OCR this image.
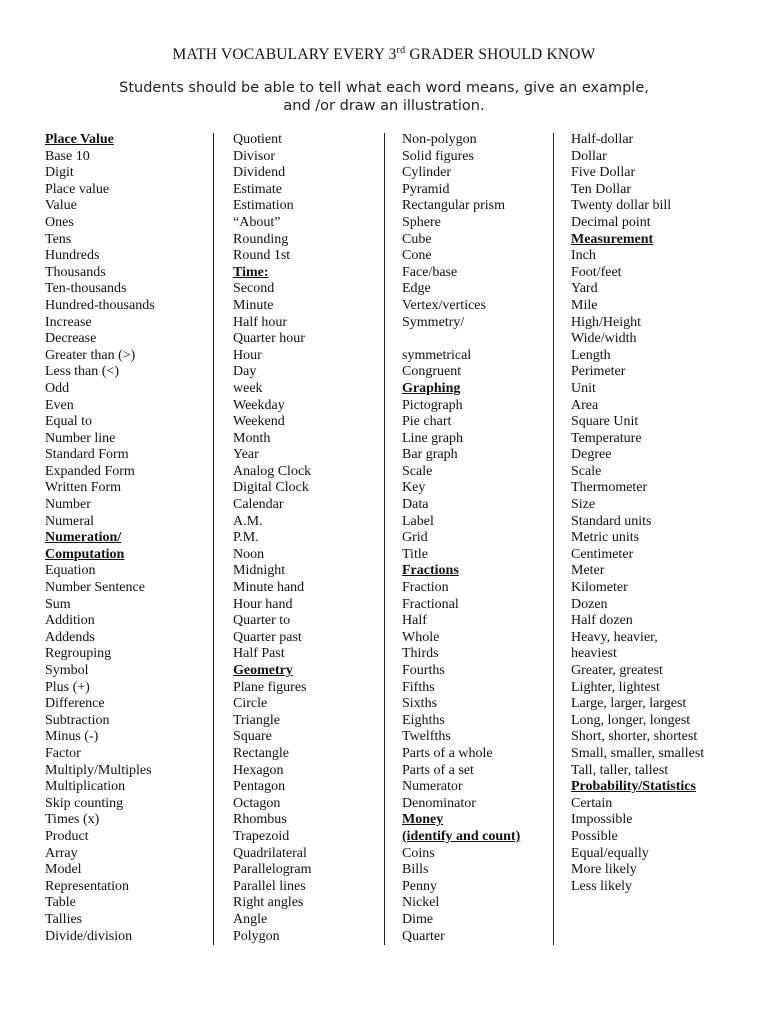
MATH VOCABULARY EVERY 3rd GRADER SHOULD KNOW
Students should be able to tell what each word means, give an example,
and /or draw an illustration.
Place Value
Base 10
Digit
Place value
Value
Ones
Tens
Hundreds
Thousands
Ten-thousands
Hundred-thousands
Increase
Decrease
Greater than (>)
Less than (<)
Odd
Even
Equal to
Number line
Standard Form
Expanded Form
Written Form
Number
Numeral
Numeration/
Computation
Equation
Number Sentence
Sum
Addition
Addends
Regrouping
Symbol
Plus (+)
Difference
Subtraction
Minus (-)
Factor
Multiply/Multiples
Multiplication
Skip counting
Times (x)
Product
Array
Model
Representation
Table
Tallies
Divide/division
Quotient
Divisor
Dividend
Estimate
Estimation
“About”
Rounding
Round 1st
Time:
Second
Minute
Half hour
Quarter hour
Hour
Day
week
Weekday
Weekend
Month
Year
Analog Clock
Digital Clock
Calendar
A.M.
P.M.
Noon
Midnight
Minute hand
Hour hand
Quarter to
Quarter past
Half Past
Geometry
Plane figures
Circle
Triangle
Square
Rectangle
Hexagon
Pentagon
Octagon
Rhombus
Trapezoid
Quadrilateral
Parallelogram
Parallel lines
Right angles
Angle
Polygon
Non-polygon
Solid figures
Cylinder
Pyramid
Rectangular prism
Sphere
Cube
Cone
Face/base
Edge
Vertex/vertices
Symmetry/
symmetrical
Congruent
Graphing
Pictograph
Pie chart
Line graph
Bar graph
Scale
Key
Data
Label
Grid
Title
Fractions
Fraction
Fractional
Half
Whole
Thirds
Fourths
Fifths
Sixths
Eighths
Twelfths
Parts of a whole
Parts of a set
Numerator
Denominator
Money
(identify and count)
Coins
Bills
Penny
Nickel
Dime
Quarter
Half-dollar
Dollar
Five Dollar
Ten Dollar
Twenty dollar bill
Decimal point
Measurement
Inch
Foot/feet
Yard
Mile
High/Height
Wide/width
Length
Perimeter
Unit
Area
Square Unit
Temperature
Degree
Scale
Thermometer
Size
Standard units
Metric units
Centimeter
Meter
Kilometer
Dozen
Half dozen
Heavy, heavier,
heaviest
Greater, greatest
Lighter, lightest
Large, larger, largest
Long, longer, longest
Short, shorter, shortest
Small, smaller, smallest
Tall, taller, tallest
Probability/Statistics
Certain
Impossible
Possible
Equal/equally
More likely
Less likely
